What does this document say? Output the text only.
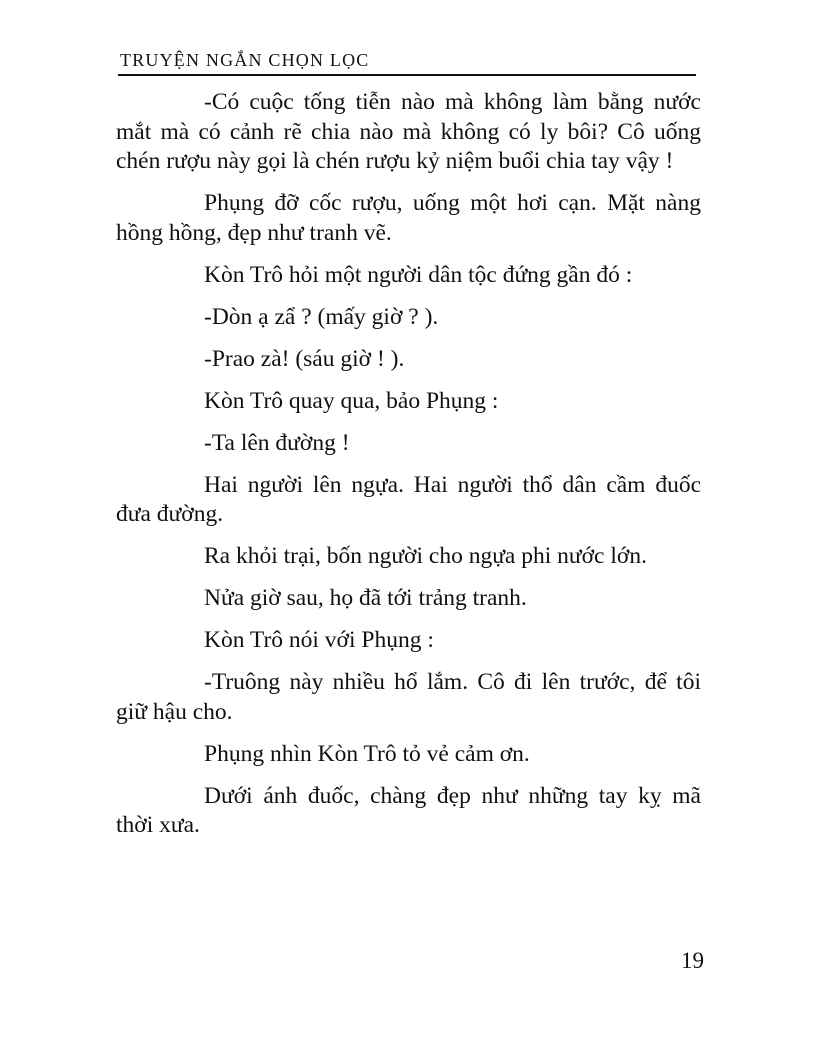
TRUYỆN NGẮN CHỌN LỌC

-Có cuộc tống tiễn nào mà không làm bằng nước mắt mà có cảnh rẽ chia nào mà không có ly bôi? Cô uống chén rượu này gọi là chén rượu kỷ niệm buổi chia tay vậy !

Phụng đỡ cốc rượu, uống một hơi cạn. Mặt nàng hồng hồng, đẹp như tranh vẽ.

Kòn Trô hỏi một người dân tộc đứng gần đó :

-Dòn ạ zẩ ? (mấy giờ ? ).

-Prao zà! (sáu giờ ! ).

Kòn Trô quay qua, bảo Phụng :

-Ta lên đường !

Hai người lên ngựa. Hai người thổ dân cầm đuốc đưa đường.

Ra khỏi trại, bốn người cho ngựa phi nước lớn.

Nửa giờ sau, họ đã tới trảng tranh.

Kòn Trô nói với Phụng :

-Truông này nhiều hổ lắm. Cô đi lên trước, để tôi giữ hậu cho.

Phụng nhìn Kòn Trô tỏ vẻ cảm ơn.

Dưới ánh đuốc, chàng đẹp như những tay kỵ mã thời xưa.

19
